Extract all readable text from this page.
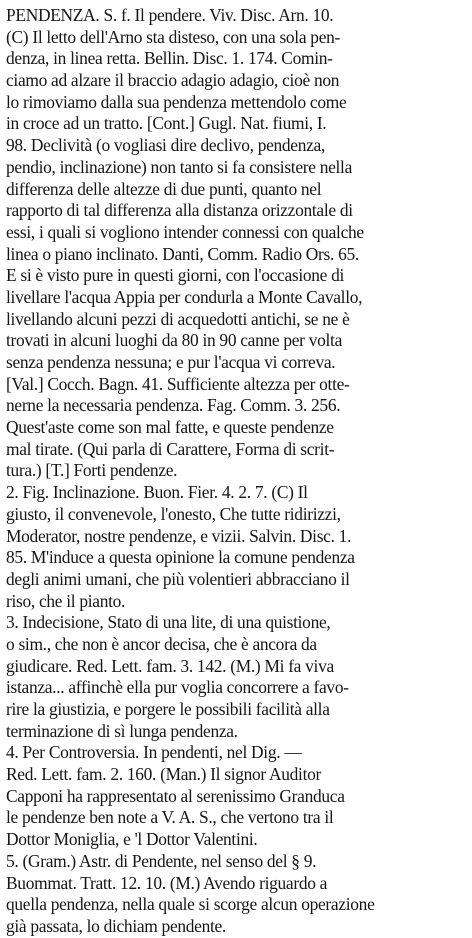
PENDENZA. S. f. Il pendere. Viv. Disc. Arn. 10.
(C) Il letto dell'Arno sta disteso, con una sola pen-
denza, in linea retta. Bellin. Disc. 1. 174. Comin-
ciamo ad alzare il braccio adagio adagio, cioè non
lo rimoviamo dalla sua pendenza mettendolo come
in croce ad un tratto. [Cont.] Gugl. Nat. fiumi, I.
98. Declività (o vogliasi dire declivo, pendenza,
pendio, inclinazione) non tanto si fa consistere nella
differenza delle altezze di due punti, quanto nel
rapporto di tal differenza alla distanza orizzontale di
essi, i quali si vogliono intender connessi con qualche
linea o piano inclinato. Danti, Comm. Radio Ors. 65.
E si è visto pure in questi giorni, con l'occasione di
livellare l'acqua Appia per condurla a Monte Cavallo,
livellando alcuni pezzi di acquedotti antichi, se ne è
trovati in alcuni luoghi da 80 in 90 canne per volta
senza pendenza nessuna; e pur l'acqua vi correva.
[Val.] Cocch. Bagn. 41. Sufficiente altezza per otte-
nerne la necessaria pendenza. Fag. Comm. 3. 256.
Quest'aste come son mal fatte, e queste pendenze
mal tirate. (Qui parla di Carattere, Forma di scrit-
tura.) [T.] Forti pendenze.
2. Fig. Inclinazione. Buon. Fier. 4. 2. 7. (C) Il
giusto, il convenevole, l'onesto, Che tutte ridirizzi,
Moderator, nostre pendenze, e vizii. Salvin. Disc. 1.
85. M'induce a questa opinione la comune pendenza
degli animi umani, che più volentieri abbracciano il
riso, che il pianto.
3. Indecisione, Stato di una lite, di una quistione,
o sim., che non è ancor decisa, che è ancora da
giudicare. Red. Lett. fam. 3. 142. (M.) Mi fa viva
istanza... affinchè ella pur voglia concorrere a favo-
rire la giustizia, e porgere le possibili facilità alla
terminazione di sì lunga pendenza.
4. Per Controversia. In pendenti, nel Dig. —
Red. Lett. fam. 2. 160. (Man.) Il signor Auditor
Capponi ha rappresentato al serenissimo Granduca
le pendenze ben note a V. A. S., che vertono tra il
Dottor Moniglia, e 'l Dottor Valentini.
5. (Gram.) Astr. di Pendente, nel senso del § 9.
Buommat. Tratt. 12. 10. (M.) Avendo riguardo a
quella pendenza, nella quale si scorge alcun operazione
già passata, lo dichiam pendente.
